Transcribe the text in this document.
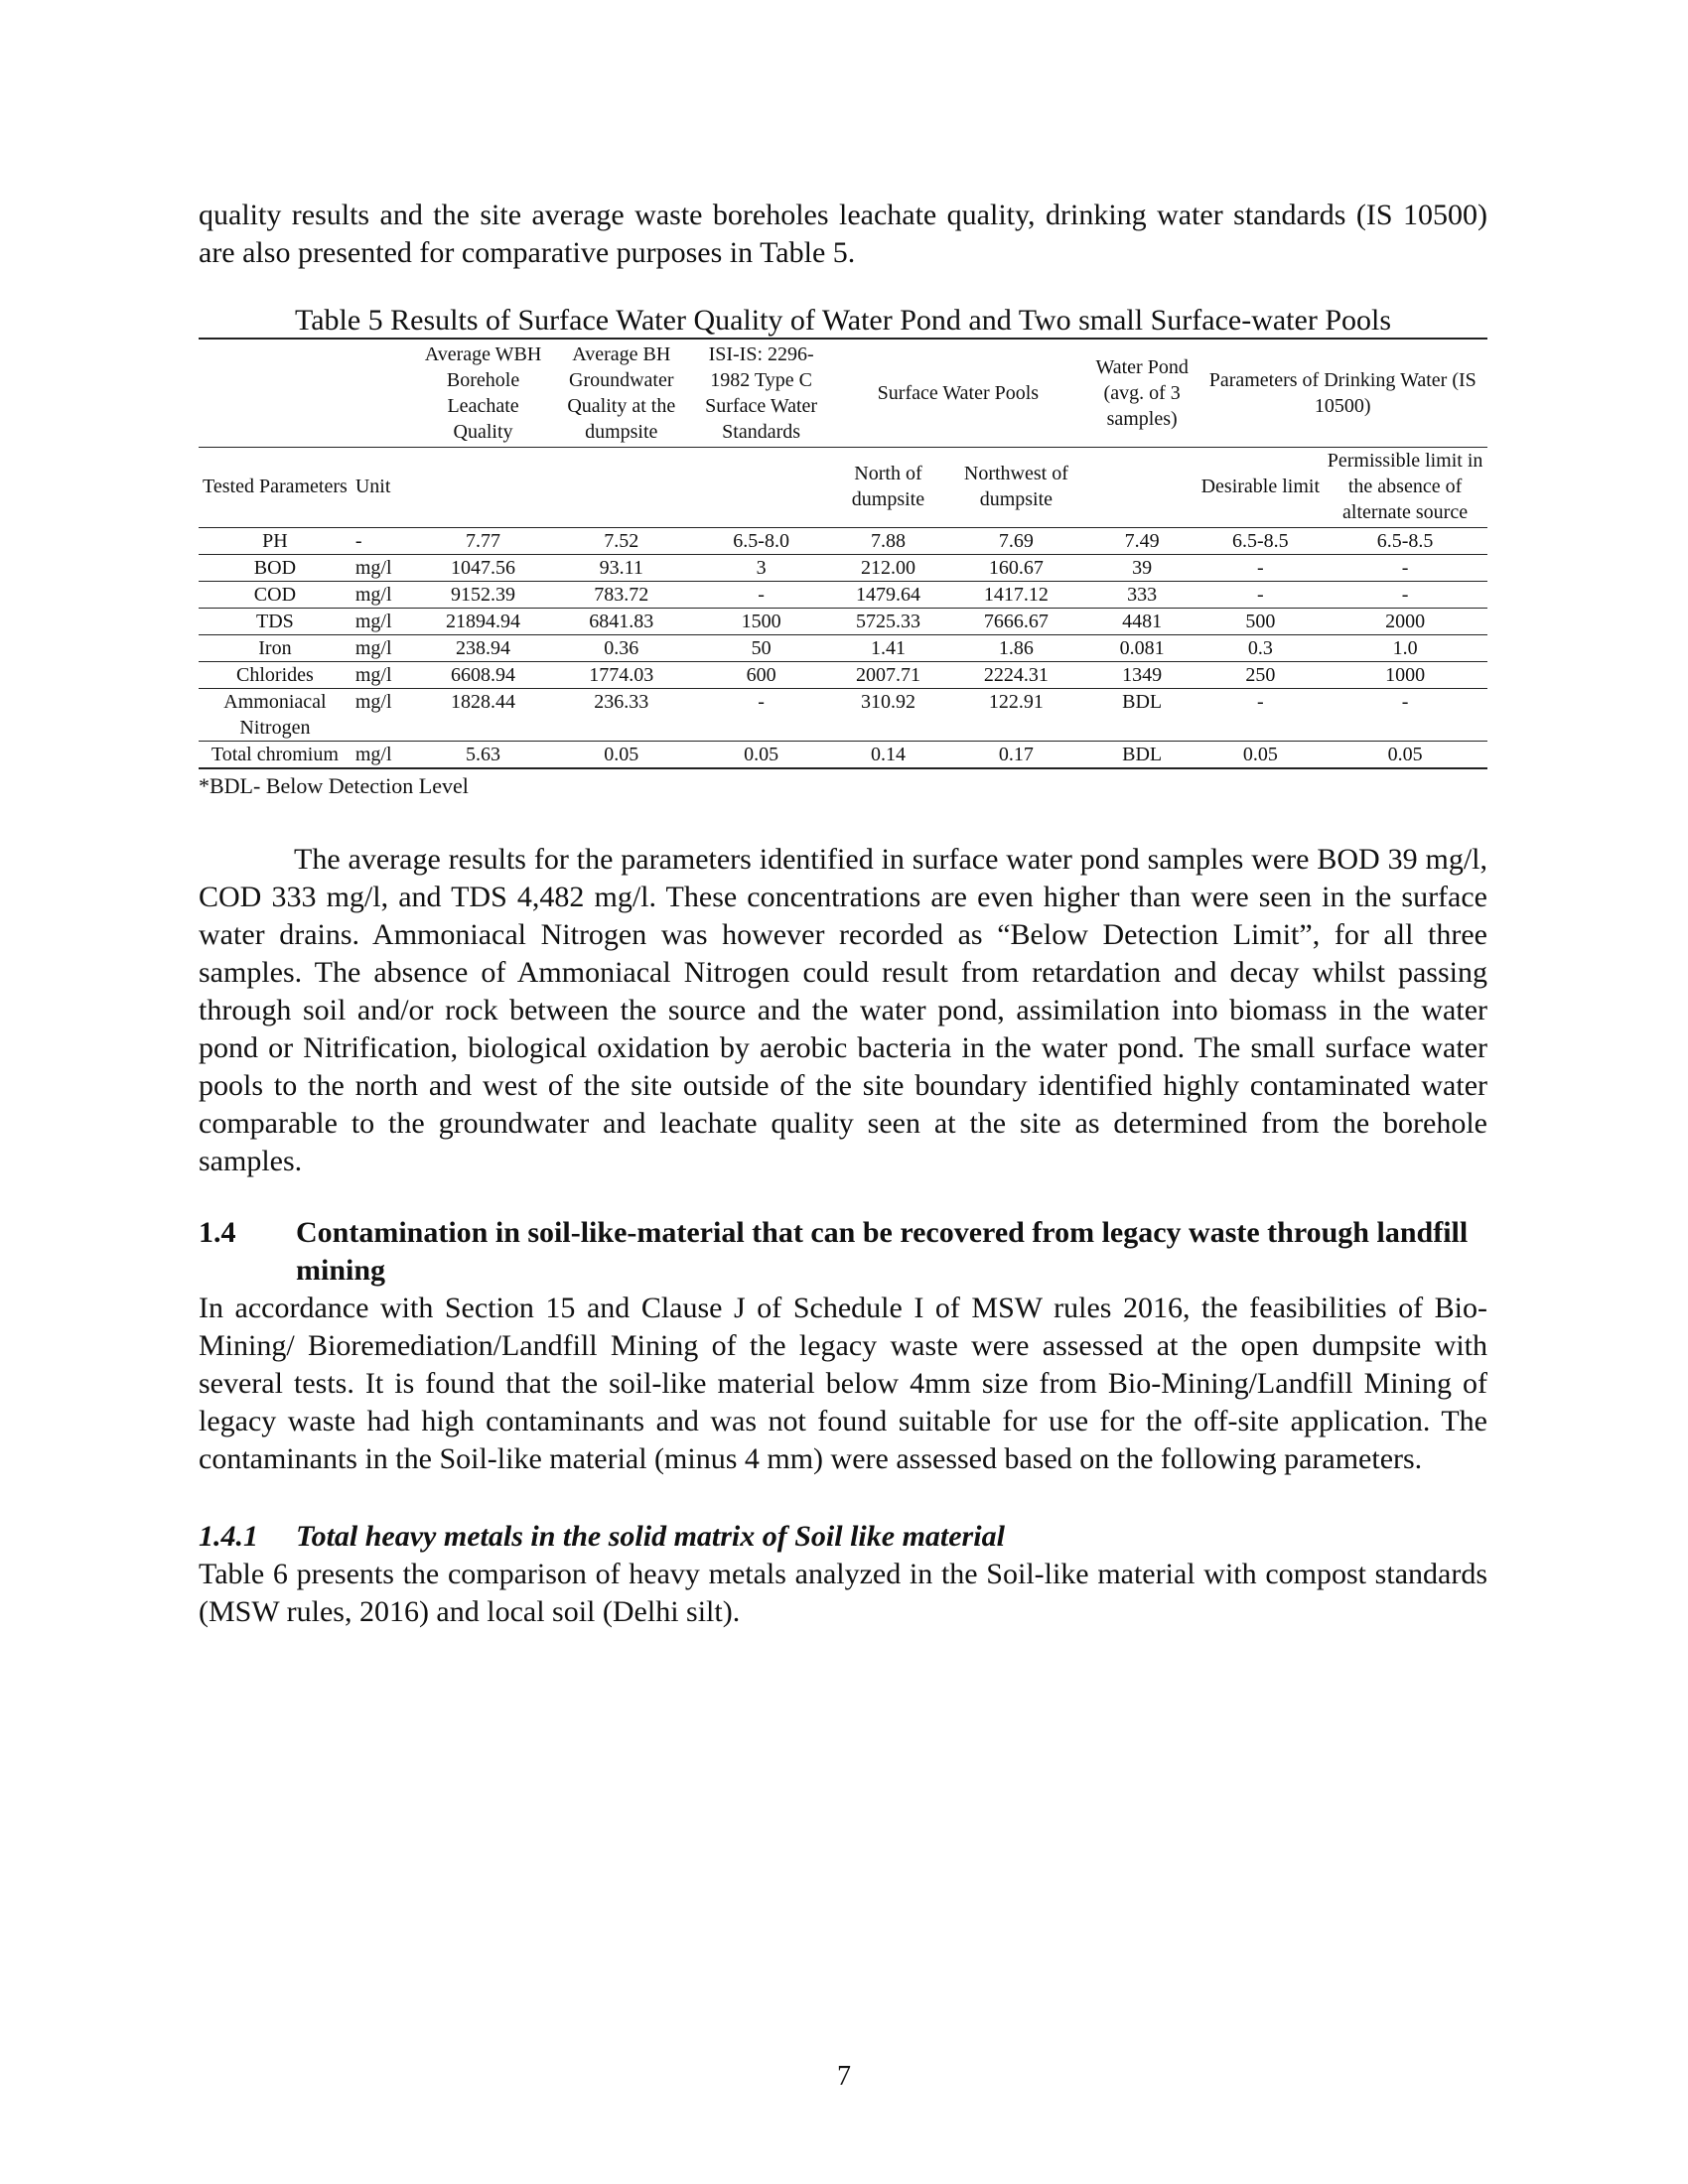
quality results and the site average waste boreholes leachate quality, drinking water standards (IS 10500) are also presented for comparative purposes in Table 5.

Table 5 Results of Surface Water Quality of Water Pond and Two small Surface-water Pools

		Average WBH Borehole Leachate Quality	Average BH Groundwater Quality at the dumpsite	ISI-IS: 2296-1982 Type C Surface Water Standards	Surface Water Pools		Water Pond (avg. of 3 samples)	Parameters of Drinking Water (IS 10500)	
Tested Parameters	Unit				North of dumpsite	Northwest of dumpsite		Desirable limit	Permissible limit in the absence of alternate source
PH	-	7.77	7.52	6.5-8.0	7.88	7.69	7.49	6.5-8.5	6.5-8.5
BOD	mg/l	1047.56	93.11	3	212.00	160.67	39	-	-
COD	mg/l	9152.39	783.72	-	1479.64	1417.12	333	-	-
TDS	mg/l	21894.94	6841.83	1500	5725.33	7666.67	4481	500	2000
Iron	mg/l	238.94	0.36	50	1.41	1.86	0.081	0.3	1.0
Chlorides	mg/l	6608.94	1774.03	600	2007.71	2224.31	1349	250	1000
Ammoniacal Nitrogen	mg/l	1828.44	236.33	-	310.92	122.91	BDL	-	-
Total chromium	mg/l	5.63	0.05	0.05	0.14	0.17	BDL	0.05	0.05

*BDL- Below Detection Level

The average results for the parameters identified in surface water pond samples were BOD 39 mg/l, COD 333 mg/l, and TDS 4,482 mg/l. These concentrations are even higher than were seen in the surface water drains. Ammoniacal Nitrogen was however recorded as “Below Detection Limit”, for all three samples. The absence of Ammoniacal Nitrogen could result from retardation and decay whilst passing through soil and/or rock between the source and the water pond, assimilation into biomass in the water pond or Nitrification, biological oxidation by aerobic bacteria in the water pond. The small surface water pools to the north and west of the site outside of the site boundary identified highly contaminated water comparable to the groundwater and leachate quality seen at the site as determined from the borehole samples.

1.4	Contamination in soil-like-material that can be recovered from legacy waste through landfill mining

In accordance with Section 15 and Clause J of Schedule I of MSW rules 2016, the feasibilities of Bio-Mining/ Bioremediation/Landfill Mining of the legacy waste were assessed at the open dumpsite with several tests. It is found that the soil-like material below 4mm size from Bio-Mining/Landfill Mining of legacy waste had high contaminants and was not found suitable for use for the off-site application. The contaminants in the Soil-like material (minus 4 mm) were assessed based on the following parameters.

1.4.1	Total heavy metals in the solid matrix of Soil like material

Table 6 presents the comparison of heavy metals analyzed in the Soil-like material with compost standards (MSW rules, 2016) and local soil (Delhi silt).

7
